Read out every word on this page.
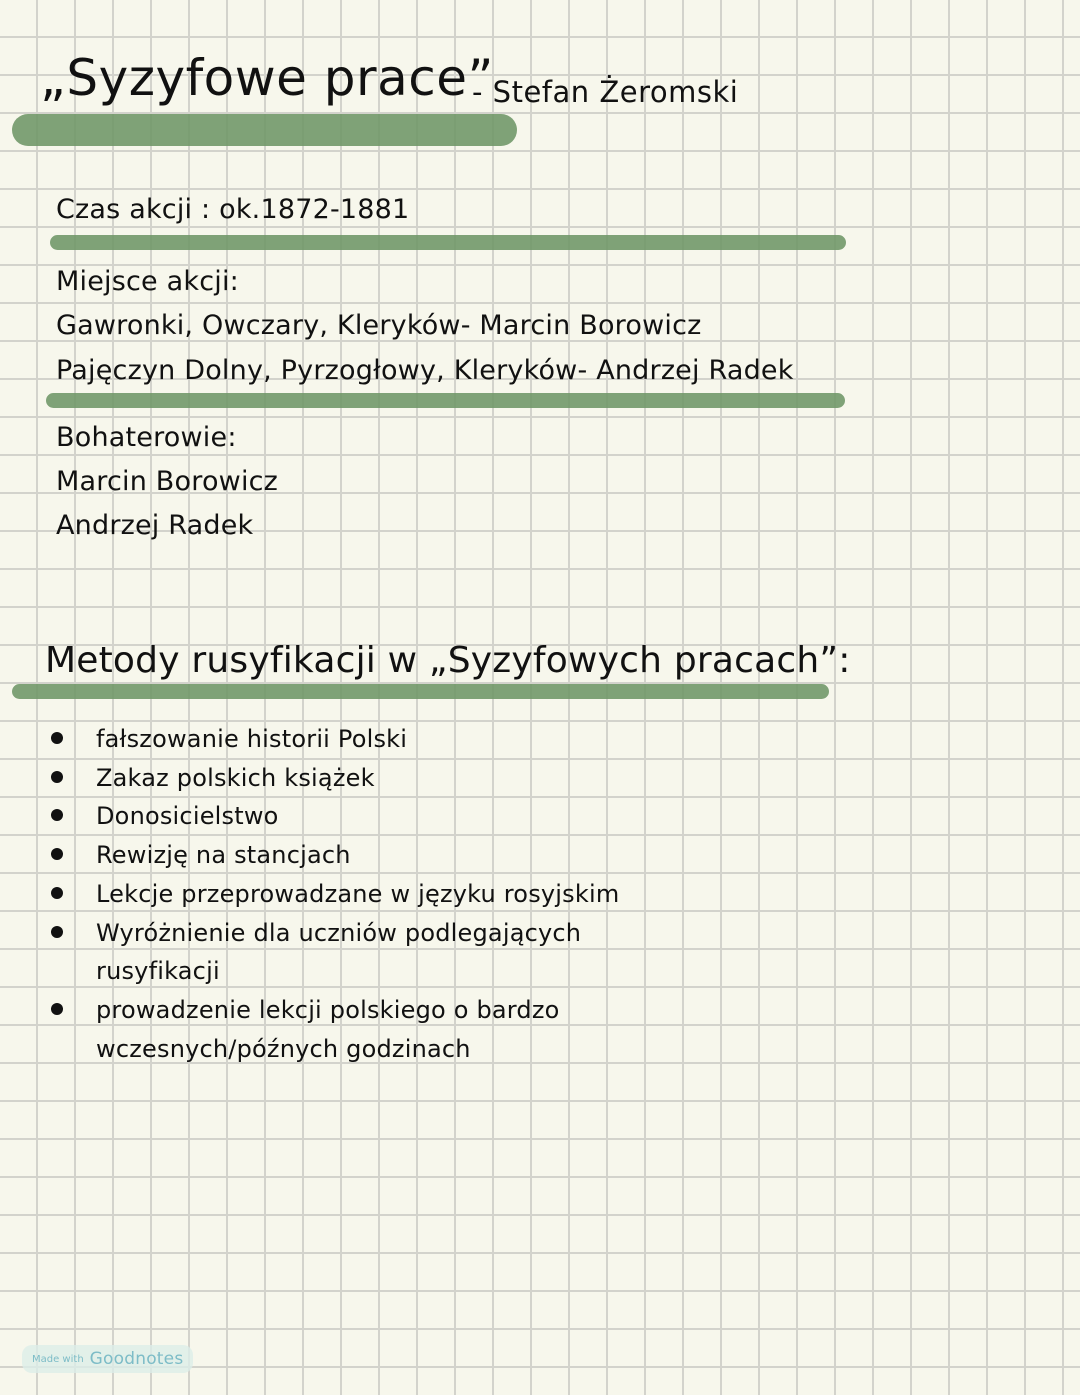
„Syzyfowe prace”
- Stefan Żeromski
Czas akcji : ok.1872-1881
Miejsce akcji:
Gawronki, Owczary, Kleryków- Marcin Borowicz
Pajęczyn Dolny, Pyrzogłowy, Kleryków- Andrzej Radek
Bohaterowie:
Marcin Borowicz
Andrzej Radek
Metody rusyfikacji w „Syzyfowych pracach”:
fałszowanie historii Polski
Zakaz polskich książek
Donosicielstwo
Rewizję na stancjach
Lekcje przeprowadzane w języku rosyjskim
Wyróżnienie dla uczniów podlegających
rusyfikacji
prowadzenie lekcji polskiego o bardzo
wczesnych/późnych godzinach
Made with Goodnotes
